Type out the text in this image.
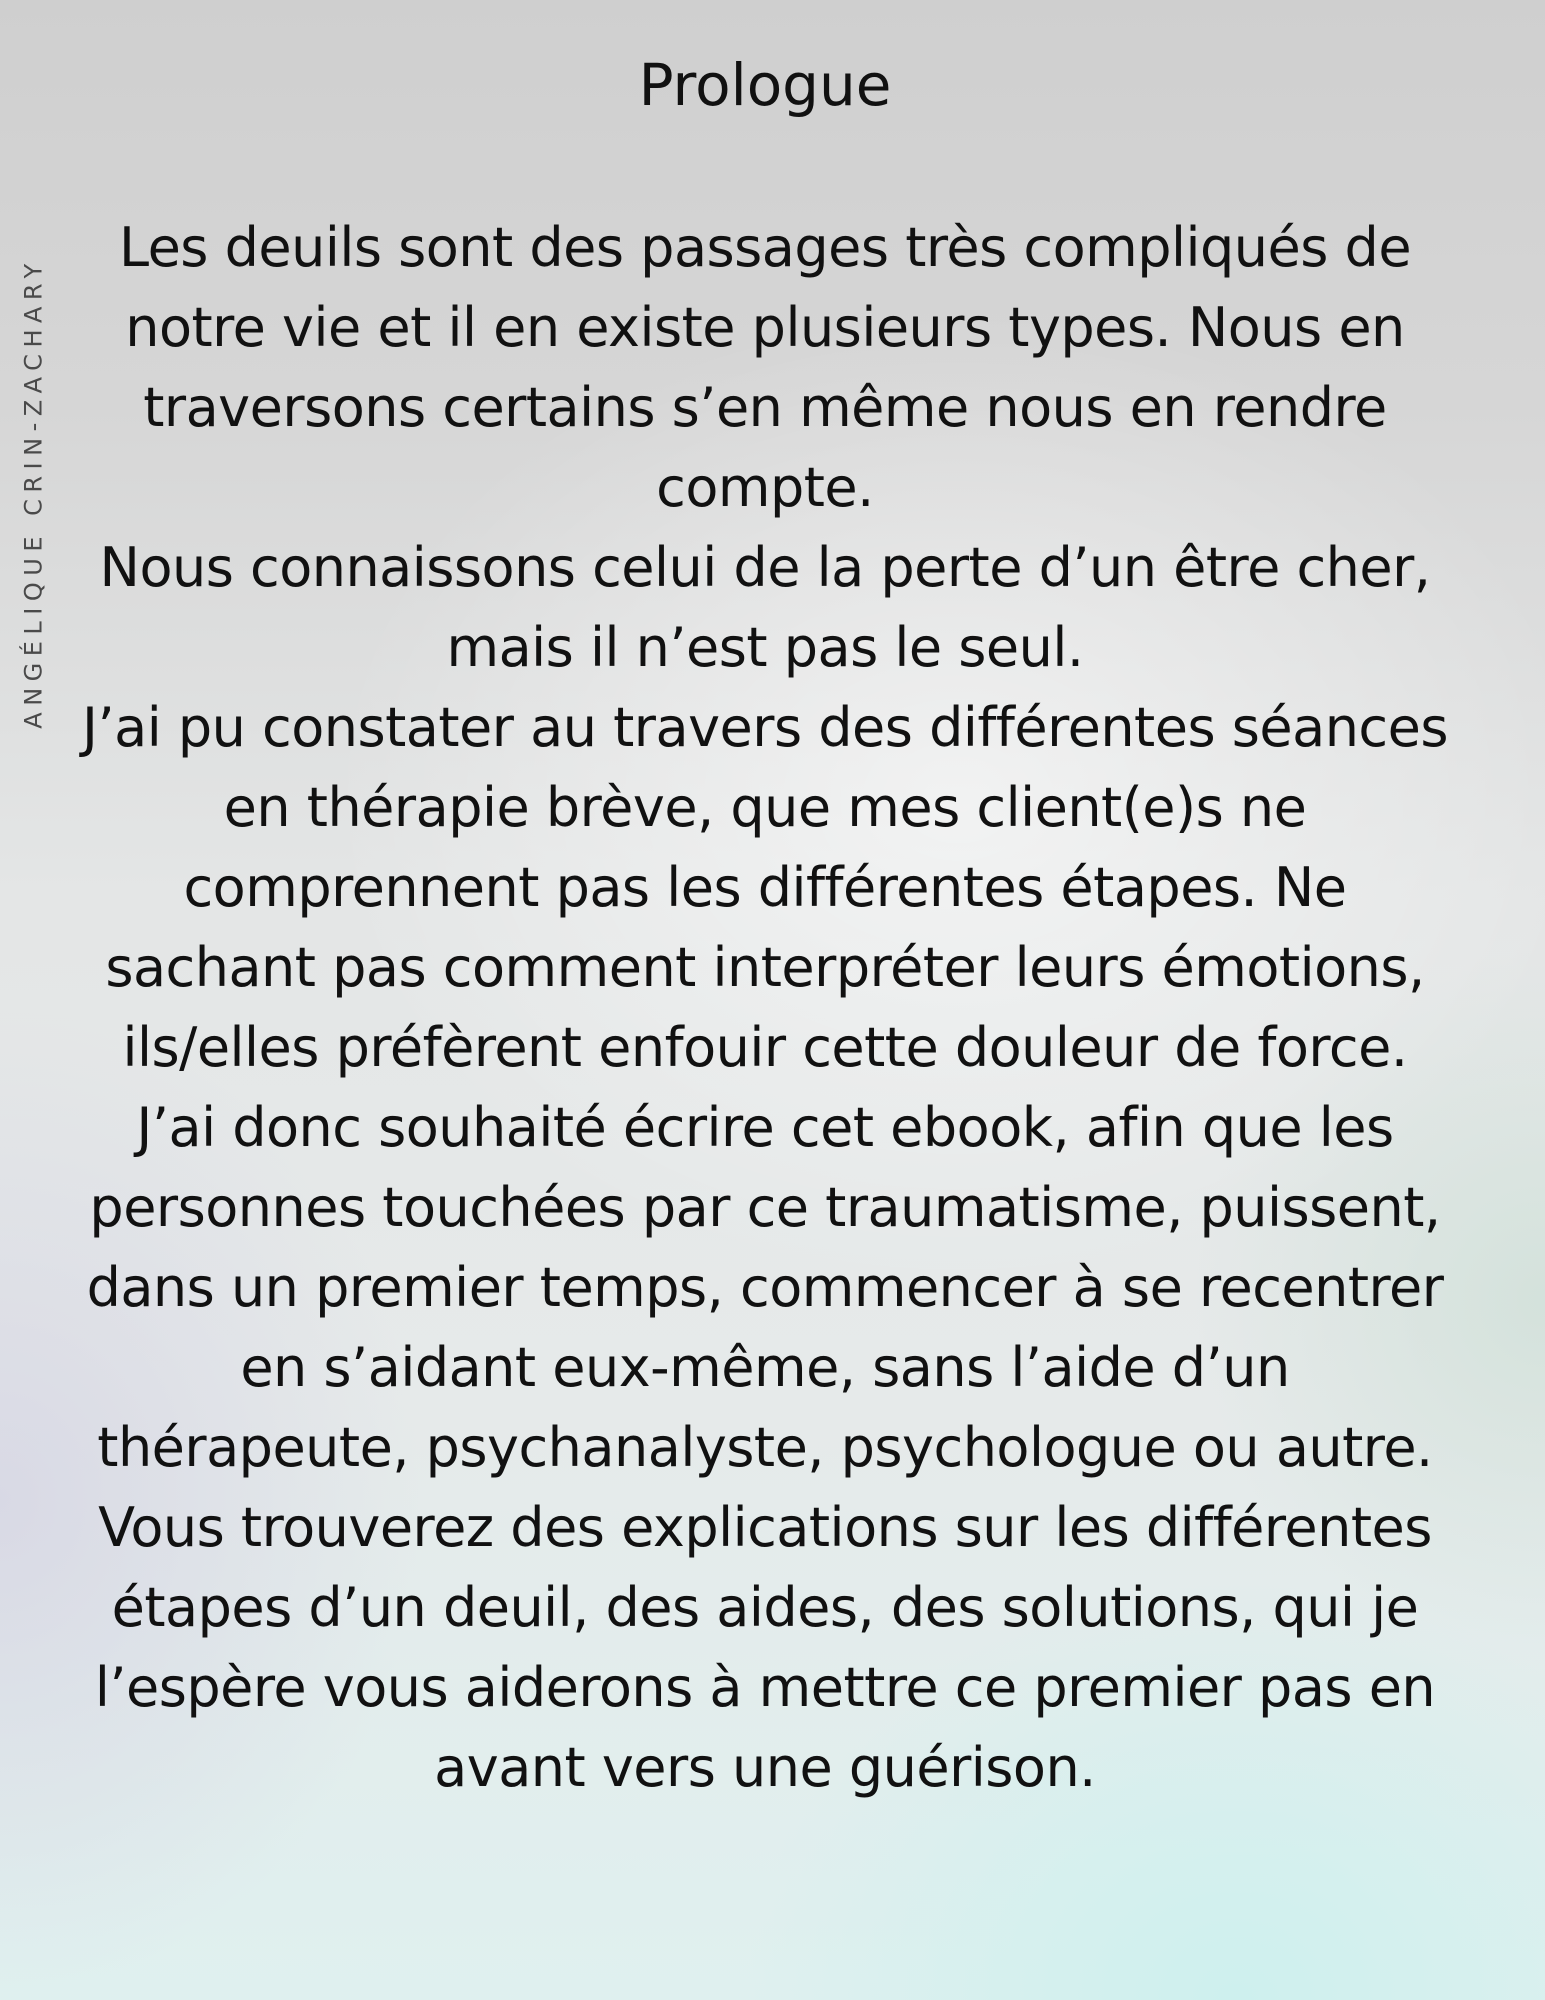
ANGÉLIQUE CRIN-ZACHARY
Prologue

Les deuils sont des passages très compliqués de notre vie et il en existe plusieurs types. Nous en traversons certains s’en même nous en rendre compte.

Nous connaissons celui de la perte d’un être cher, mais il n’est pas le seul.

J’ai pu constater au travers des différentes séances en thérapie brève, que mes client(e)s ne comprennent pas les différentes étapes. Ne sachant pas comment interpréter leurs émotions, ils/elles préfèrent enfouir cette douleur de force.

J’ai donc souhaité écrire cet ebook, afin que les personnes touchées par ce traumatisme, puissent, dans un premier temps, commencer à se recentrer en s’aidant eux-même, sans l’aide d’un thérapeute, psychanalyste, psychologue ou autre.

Vous trouverez des explications sur les différentes étapes d’un deuil, des aides, des solutions, qui je l’espère vous aiderons à mettre ce premier pas en avant vers une guérison.
